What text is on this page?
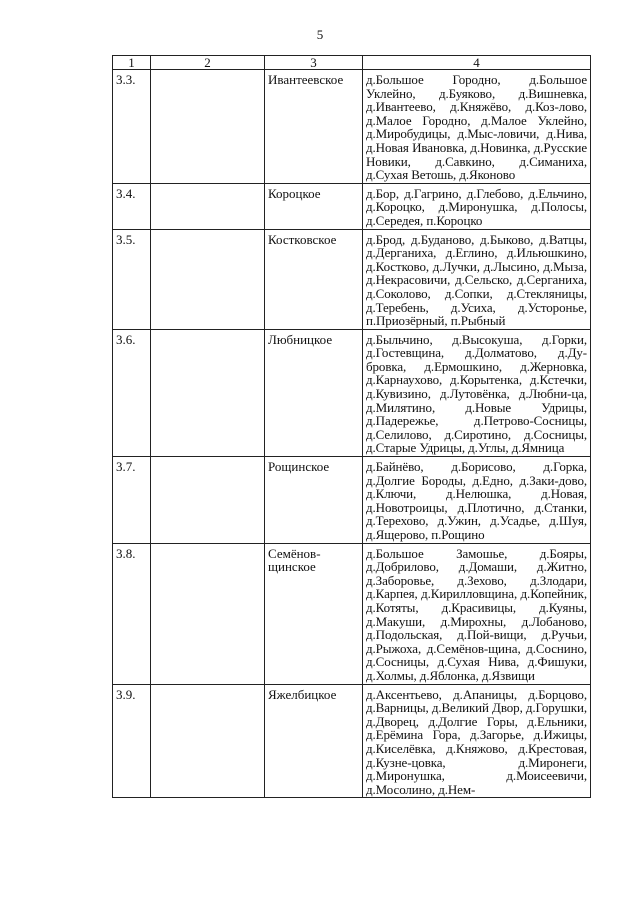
5
1	2	3	4
3.3.		Ивантеевское	д.Большое Городно, д.Большое Уклейно, д.Буяково, д.Вишневка, д.Ивантеево, д.Княжёво, д.Коз-лово, д.Малое Городно, д.Малое Уклейно, д.Миробудицы, д.Мыс-ловичи, д.Нива, д.Новая Ивановка, д.Новинка, д.Русские Новики, д.Савкино, д.Симаниха, д.Сухая Ветошь, д.Яконово
3.4.		Короцкое	д.Бор, д.Гагрино, д.Глебово, д.Ельчино, д.Короцко, д.Миронушка, д.Полосы, д.Середея, п.Короцко
3.5.		Костковское	д.Брод, д.Буданово, д.Быково, д.Ватцы, д.Дерганиха, д.Еглино, д.Ильюшкино, д.Костково, д.Лучки, д.Лысино, д.Мыза, д.Некрасовичи, д.Сельско, д.Серганиха, д.Соколово, д.Сопки, д.Стекляницы, д.Теребень, д.Усиха, д.Усторонье, п.Приозёрный, п.Рыбный
3.6.		Любницкое	д.Быльчино, д.Высокуша, д.Горки, д.Гостевщина, д.Долматово, д.Ду-бровка, д.Ермошкино, д.Жерновка, д.Карнаухово, д.Корытенка, д.Кстечки, д.Кувизино, д.Лутовёнка, д.Любни-ца, д.Милятино, д.Новые Удрицы, д.Падережье, д.Петрово-Сосницы, д.Селилово, д.Сиротино, д.Сосницы, д.Старые Удрицы, д.Углы, д.Ямница
3.7.		Рощинское	д.Байнёво, д.Борисово, д.Горка, д.Долгие Бороды, д.Едно, д.Заки-дово, д.Ключи, д.Нелюшка, д.Новая, д.Новотроицы, д.Плотично, д.Станки, д.Терехово, д.Ужин, д.Усадье, д.Шуя, д.Ящерово, п.Рощино
3.8.		Семёнов-щинское	д.Большое Замошье, д.Бояры, д.Добрилово, д.Домаши, д.Житно, д.Заборовье, д.Зехово, д.Злодари, д.Карпея, д.Кирилловщина, д.Копейник, д.Котяты, д.Красивицы, д.Куяны, д.Макуши, д.Мирохны, д.Лобаново, д.Подольская, д.Пой-вищи, д.Ручьи, д.Рыжоха, д.Семёнов-щина, д.Соснино, д.Сосницы, д.Сухая Нива, д.Фишуки, д.Холмы, д.Яблонка, д.Язвищи
3.9.		Яжелбицкое	д.Аксентьево, д.Апаницы, д.Борцово, д.Варницы, д.Великий Двор, д.Горушки, д.Дворец, д.Долгие Горы, д.Ельники, д.Ерёмина Гора, д.Загорье, д.Ижицы, д.Киселёвка, д.Княжово, д.Крестовая, д.Кузне-цовка, д.Миронеги, д.Миронушка, д.Моисеевичи, д.Мосолино, д.Нем-
